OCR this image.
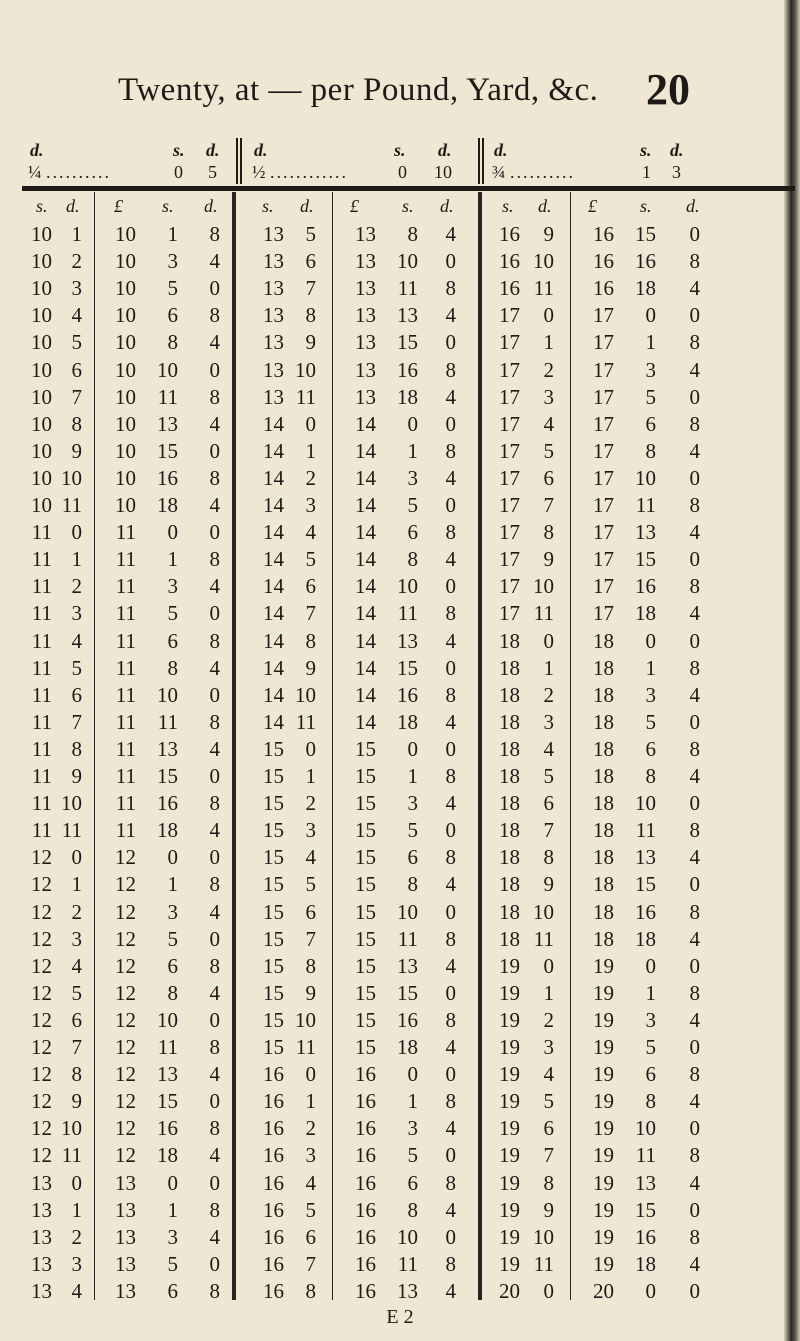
Twenty, at — per Pound, Yard, &c. 20
d.
¼ ..........
s.
0
d.
5
d.
½ ............
s.
0
d.
10
d.
¾ ..........
s.
1
d.
3
s. d. £ s. d. s. d. £ s. d.	s. d. £ s. d.
10 1 10 1 8
10 2 10 3 4
10 3 10 5 0
10 4 10 6 8
10 5 10 8 4
10 6 10 10 0
10 7 10 11 8
10 8 10 13 4
10 9 10 15 0
10 10 10 16 8
10 11 10 18 4
11 0 11 0 0
11 1 11 1 8
11 2 11 3 4
11 3 11 5 0
11 4 11 6 8
11 5 11 8 4
11 6 11 10 0
11 7 11 11 8
11 8 11 13 4
11 9 11 15 0
11 10 11 16 8
11 11 11 18 4
12 0 12 0 0
12 1 12 1 8
12 2 12 3 4
12 3 12 5 0
12 4 12 6 8
12 5 12 8 4
12 6 12 10 0
12 7 12 11 8
12 8 12 13 4
12 9 12 15 0
12 10 12 16 8
12 11 12 18 4
13 0 13 0 0
13 1 13 1 8
13 2 13 3 4
13 3 13 5 0
13 4 13 6 8
13 5 13 8 4
13 6 13 10 0
13 7 13 11 8
13 8 13 13 4
13 9 13 15 0
13 10 13 16 8
13 11 13 18 4
14 0 14 0 0
14 1 14 1 8
14 2 14 3 4
14 3 14 5 0
14 4 14 6 8
14 5 14 8 4
14 6 14 10 0
14 7 14 11 8
14 8 14 13 4
14 9 14 15 0
14 10 14 16 8
14 11 14 18 4
15 0 15 0 0
15 1 15 1 8
15 2 15 3 4
15 3 15 5 0
15 4 15 6 8
15 5 15 8 4
15 6 15 10 0
15 7 15 11 8
15 8 15 13 4
15 9 15 15 0
15 10 15 16 8
15 11 15 18 4
16 0 16 0 0
16 1 16 1 8
16 2 16 3 4
16 3 16 5 0
16 4 16 6 8
16 5 16 8 4
16 6 16 10 0
16 7 16 11 8
16 8 16 13 4
16 9 16 15 0
16 10 16 16 8
16 11 16 18 4
17 0 17 0 0
17 1 17 1 8
17 2 17 3 4
17 3 17 5 0
17 4 17 6 8
17 5 17 8 4
17 6 17 10 0
17 7 17 11 8
17 8 17 13 4
17 9 17 15 0
17 10 17 16 8
17 11 17 18 4
18 0 18 0 0
18 1 18 1 8
18 2 18 3 4
18 3 18 5 0
18 4 18 6 8
18 5 18 8 4
18 6 18 10 0
18 7 18 11 8
18 8 18 13 4
18 9 18 15 0
18 10 18 16 8
18 11 18 18 4
19 0 19 0 0
19 1 19 1 8
19 2 19 3 4
19 3 19 5 0
19 4 19 6 8
19 5 19 8 4
19 6 19 10 0
19 7 19 11 8
19 8 19 13 4
19 9 19 15 0
19 10 19 16 8
19 11 19 18 4
20 0 20 0 0
E 2
